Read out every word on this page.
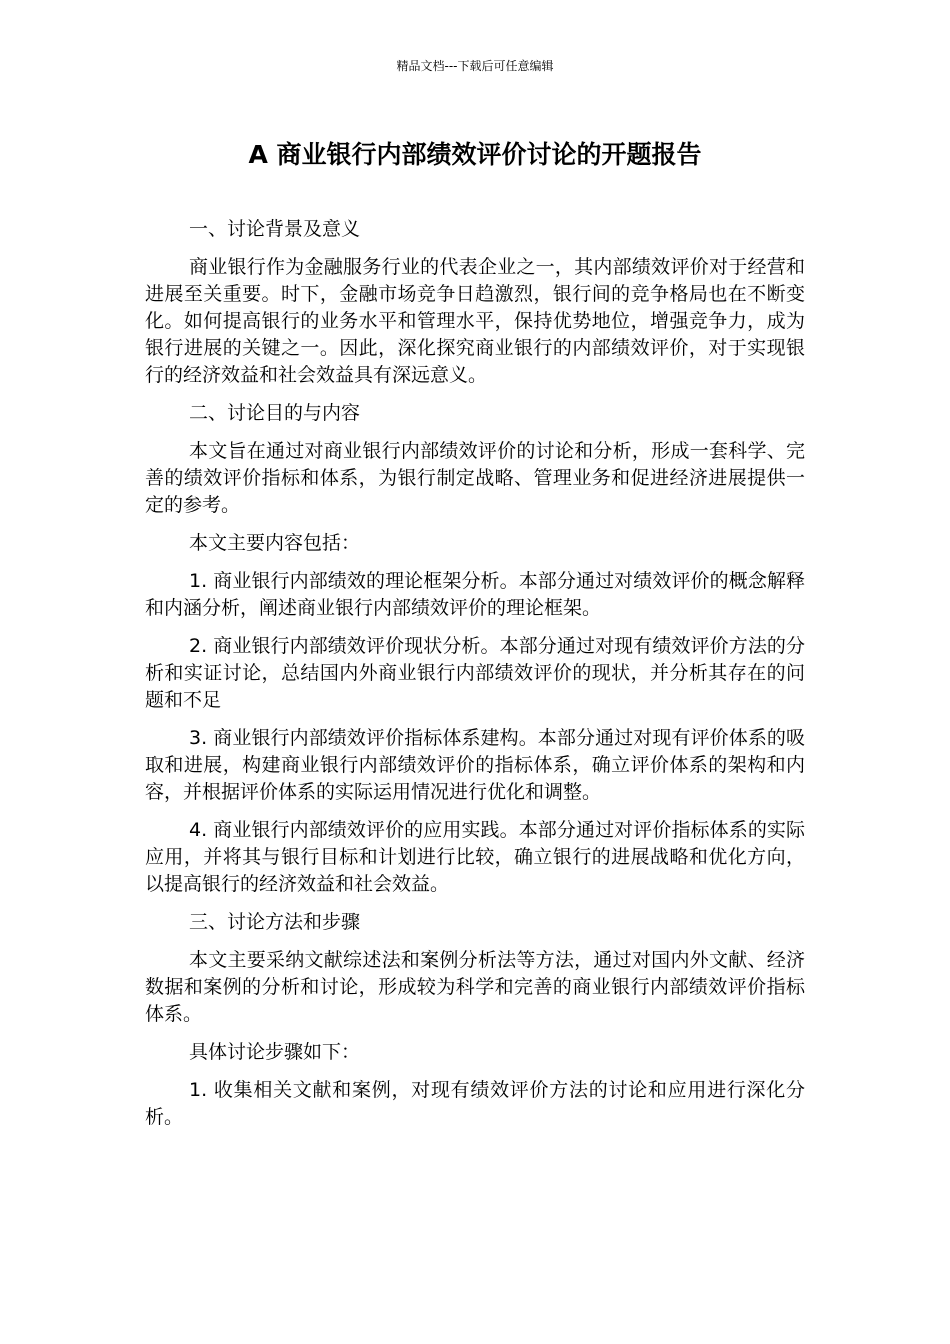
精品文档---下载后可任意编辑
A 商业银行内部绩效评价讨论的开题报告

一、讨论背景及意义

商业银行作为金融服务行业的代表企业之一，其内部绩效评价对于经营和进展至关重要。时下，金融市场竞争日趋激烈，银行间的竞争格局也在不断变化。如何提高银行的业务水平和管理水平，保持优势地位，增强竞争力，成为银行进展的关键之一。因此，深化探究商业银行的内部绩效评价，对于实现银行的经济效益和社会效益具有深远意义。

二、讨论目的与内容

本文旨在通过对商业银行内部绩效评价的讨论和分析，形成一套科学、完善的绩效评价指标和体系，为银行制定战略、管理业务和促进经济进展提供一定的参考。

本文主要内容包括：

1. 商业银行内部绩效的理论框架分析。本部分通过对绩效评价的概念解释和内涵分析，阐述商业银行内部绩效评价的理论框架。

2. 商业银行内部绩效评价现状分析。本部分通过对现有绩效评价方法的分析和实证讨论，总结国内外商业银行内部绩效评价的现状，并分析其存在的问题和不足

3. 商业银行内部绩效评价指标体系建构。本部分通过对现有评价体系的吸取和进展，构建商业银行内部绩效评价的指标体系，确立评价体系的架构和内容，并根据评价体系的实际运用情况进行优化和调整。

4. 商业银行内部绩效评价的应用实践。本部分通过对评价指标体系的实际应用，并将其与银行目标和计划进行比较，确立银行的进展战略和优化方向，以提高银行的经济效益和社会效益。

三、讨论方法和步骤

本文主要采纳文献综述法和案例分析法等方法，通过对国内外文献、经济数据和案例的分析和讨论，形成较为科学和完善的商业银行内部绩效评价指标体系。

具体讨论步骤如下：

1. 收集相关文献和案例，对现有绩效评价方法的讨论和应用进行深化分析。
